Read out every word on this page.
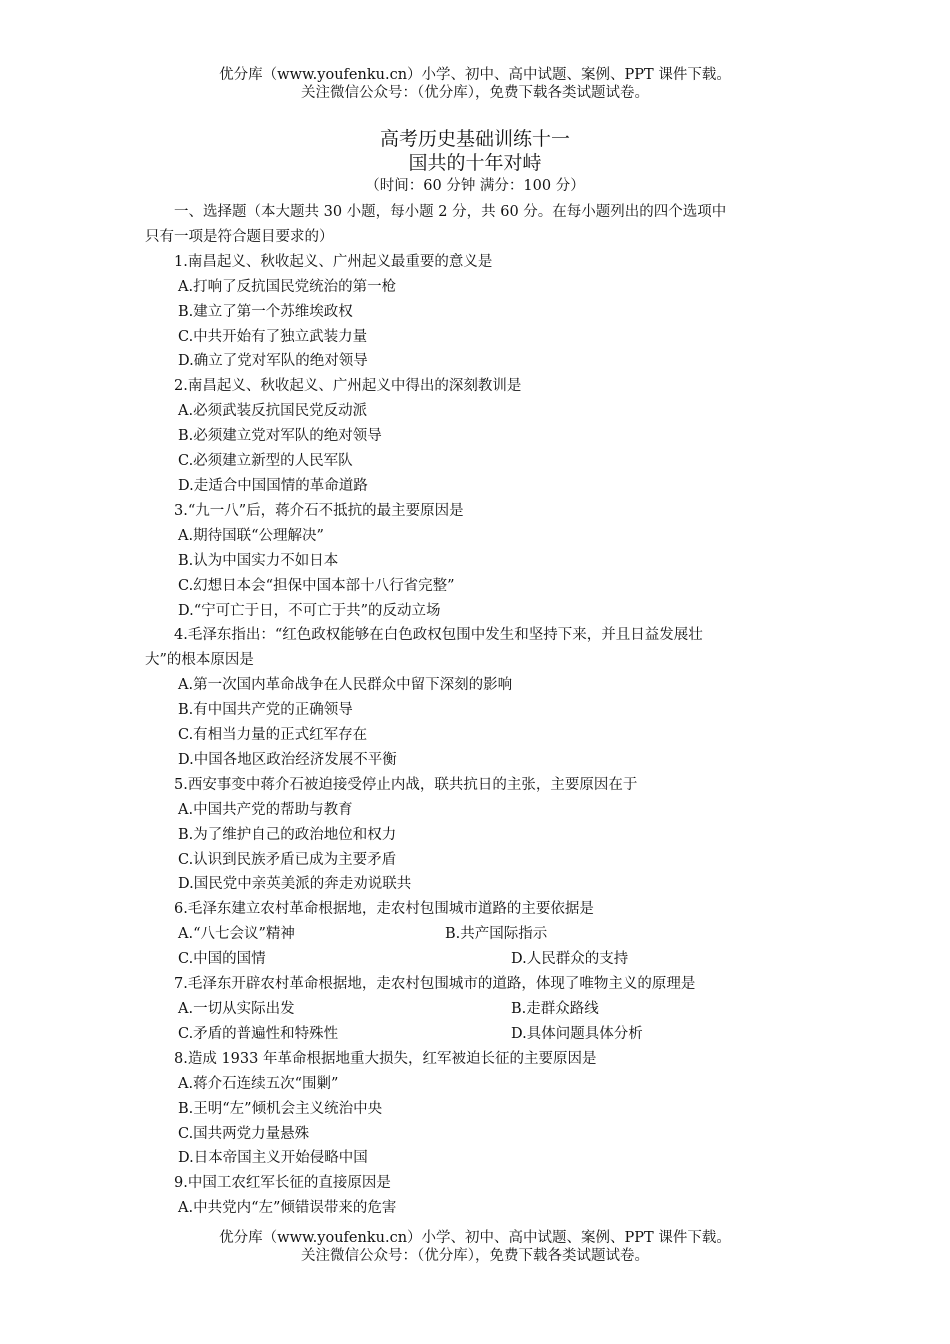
优分库（www.youfenku.cn）小学、初中、高中试题、案例、PPT 课件下载。
关注微信公众号：（优分库），免费下载各类试题试卷。
高考历史基础训练十一
国共的十年对峙
（时间：60 分钟 满分：100 分）

一、选择题（本大题共 30 小题，每小题 2 分，共 60 分。在每小题列出的四个选项中

只有一项是符合题目要求的）

1.南昌起义、秋收起义、广州起义最重要的意义是

A.打响了反抗国民党统治的第一枪

B.建立了第一个苏维埃政权

C.中共开始有了独立武装力量

D.确立了党对军队的绝对领导

2.南昌起义、秋收起义、广州起义中得出的深刻教训是

A.必须武装反抗国民党反动派

B.必须建立党对军队的绝对领导

C.必须建立新型的人民军队

D.走适合中国国情的革命道路

3.“九一八”后，蒋介石不抵抗的最主要原因是

A.期待国联“公理解决”

B.认为中国实力不如日本

C.幻想日本会“担保中国本部十八行省完整”

D.“宁可亡于日，不可亡于共”的反动立场

4.毛泽东指出：“红色政权能够在白色政权包围中发生和坚持下来，并且日益发展壮

大”的根本原因是

A.第一次国内革命战争在人民群众中留下深刻的影响

B.有中国共产党的正确领导

C.有相当力量的正式红军存在

D.中国各地区政治经济发展不平衡

5.西安事变中蒋介石被迫接受停止内战，联共抗日的主张，主要原因在于

A.中国共产党的帮助与教育

B.为了维护自己的政治地位和权力

C.认识到民族矛盾已成为主要矛盾

D.国民党中亲英美派的奔走劝说联共

6.毛泽东建立农村革命根据地，走农村包围城市道路的主要依据是

A.“八七会议”精神	B.共产国际指示
C.中国的国情	D.人民群众的支持

7.毛泽东开辟农村革命根据地，走农村包围城市的道路，体现了唯物主义的原理是

A.一切从实际出发	B.走群众路线
C.矛盾的普遍性和特殊性	D.具体问题具体分析

8.造成 1933 年革命根据地重大损失，红军被迫长征的主要原因是

A.蒋介石连续五次“围剿”

B.王明“左”倾机会主义统治中央

C.国共两党力量悬殊

D.日本帝国主义开始侵略中国

9.中国工农红军长征的直接原因是

A.中共党内“左”倾错误带来的危害

优分库（www.youfenku.cn）小学、初中、高中试题、案例、PPT 课件下载。
关注微信公众号：（优分库），免费下载各类试题试卷。
